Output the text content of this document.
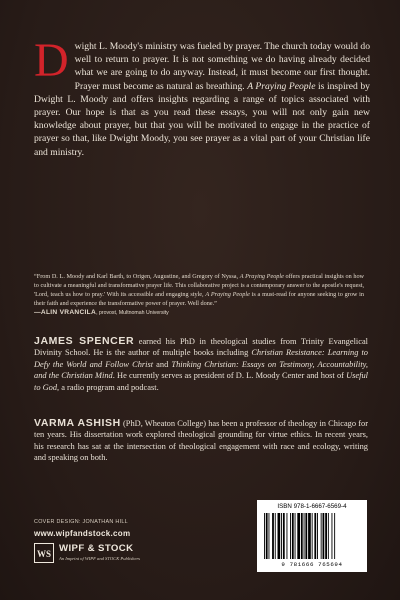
Dwight L. Moody's ministry was fueled by prayer. The church today would do well to return to prayer. It is not something we do having already decided what we are going to do anyway. Instead, it must become our first thought. Prayer must become as natural as breathing. A Praying People is inspired by Dwight L. Moody and offers insights regarding a range of topics associated with prayer. Our hope is that as you read these essays, you will not only gain new knowledge about prayer, but that you will be motivated to engage in the practice of prayer so that, like Dwight Moody, you see prayer as a vital part of your Christian life and ministry.
“From D. L. Moody and Karl Barth, to Origen, Augustine, and Gregory of Nyssa, A Praying People offers practical insights on how to cultivate a meaningful and transformative prayer life. This collaborative project is a contemporary answer to the apostle's request, 'Lord, teach us how to pray.' With its accessible and engaging style, A Praying People is a must-read for anyone seeking to grow in their faith and experience the transformative power of prayer. Well done.”
—ALIN VRANCILA, provost, Multnomah University
JAMES SPENCER earned his PhD in theological studies from Trinity Evangelical Divinity School. He is the author of multiple books including Christian Resistance: Learning to Defy the World and Follow Christ and Thinking Christian: Essays on Testimony, Accountability, and the Christian Mind. He currently serves as president of D. L. Moody Center and host of Useful to God, a radio program and podcast.
VARMA ASHISH (PhD, Wheaton College) has been a professor of theology in Chicago for ten years. His dissertation work explored theological grounding for virtue ethics. In recent years, his research has sat at the intersection of theological engagement with race and ecology, writing and speaking on both.
COVER DESIGN: JONATHAN HILL
www.wipfandstock.com
WS WIPF & STOCK
An Imprint of WIPF and STOCK Publishers
ISBN 978-1-6667-6569-4
9 781666 765694
